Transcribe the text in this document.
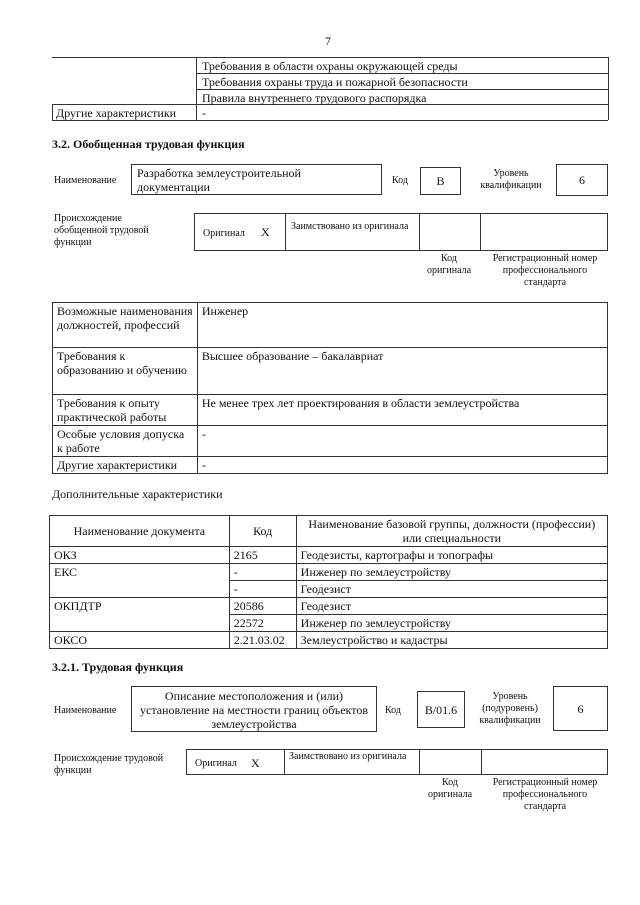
7
Требования в области охраны окружающей среды
Требования охраны труда и пожарной безопасности
Правила внутреннего трудового распорядка
Другие характеристики -
3.2. Обобщенная трудовая функция
Наименование
Разработка землеустроительной документации	Код	B
Уровень квалификации	6
Происхождение обобщенной трудовой функции
Оригинал X Заимствовано из оригинала
Код оригинала
Регистрационный номер профессионального стандарта
Возможные наименования должностей, профессий	Инженер
Требования к образованию и обучению	Высшее образование – бакалавриат
Требования к опыту практической работы	Не менее трех лет проектирования в области землеустройства
Особые условия допуска к работе	-
Другие характеристики	-
Дополнительные характеристики
Наименование документа	Код	Наименование базовой группы, должности (профессии) или специальности
ОКЗ	2165	Геодезисты, картографы и топографы
ЕКС	-	Инженер по землеустройству
	-	Геодезист
ОКПДТР	20586	Геодезист
	22572	Инженер по землеустройству
ОКСО	2.21.03.02	Землеустройство и кадастры
3.2.1. Трудовая функция
Наименование
Описание местоположения и (или) установление на местности границ объектов землеустройства
Код	B/01.6
Уровень (подуровень) квалификации
6
Происхождение трудовой функции
Оригинал X	Заимствовано из оригинала
Код оригинала
Регистрационный номер профессионального стандарта
